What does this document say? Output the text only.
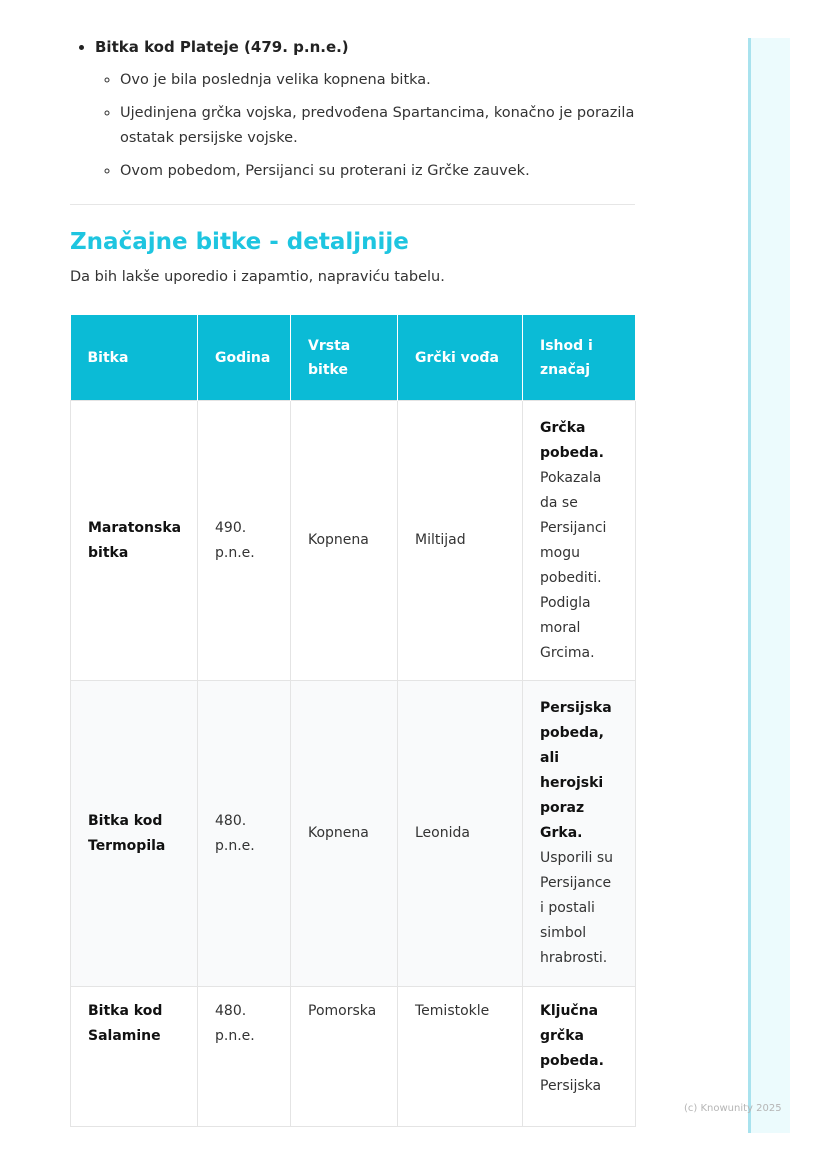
(c) Knowunity 2025
• Bitka kod Plateje (479. p.n.e.)
◦ Ovo je bila poslednja velika kopnena bitka.
◦ Ujedinjena grčka vojska, predvođena Spartancima, konačno je porazila ostatak persijske vojske.
◦ Ovom pobedom, Persijanci su proterani iz Grčke zauvek.
Značajne bitke - detaljnije

Da bih lakše uporedio i zapamtio, napraviću tabelu.

Bitka	Godina	Vrsta bitke	Grčki vođa	Ishod i značaj
Maratonska bitka	490. p.n.e.	Kopnena	Miltijad	Grčka pobeda. Pokazala da se Persijanci mogu pobediti. Podigla moral Grcima.
Bitka kod Termopila	480. p.n.e.	Kopnena	Leonida	Persijska pobeda, ali herojski poraz Grka. Usporili su Persijance i postali simbol hrabrosti.
Bitka kod Salamine	480. p.n.e.	Pomorska	Temistokle	Ključna grčka pobeda. Persijska
